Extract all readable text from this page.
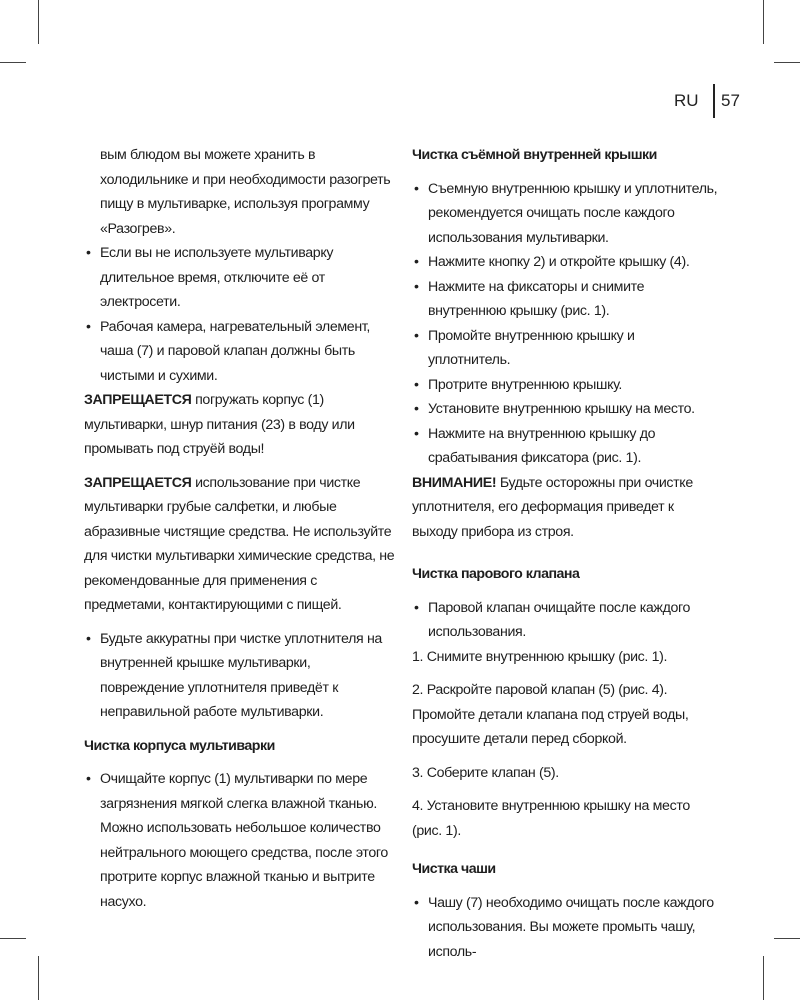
RU 57

вым блюдом вы можете хранить в холодильнике и при необходимости разогреть пищу в мультиварке, используя программу «Разогрев».

• Если вы не используете мультиварку длительное время, отключите её от электросети.

• Рабочая камера, нагревательный элемент, чаша (7) и паровой клапан должны быть чистыми и сухими.

ЗАПРЕЩАЕТСЯ погружать корпус (1) мультиварки, шнур питания (23) в воду или промывать под струёй воды!

ЗАПРЕЩАЕТСЯ использование при чистке мультиварки грубые салфетки, и любые абразивные чистящие средства. Не используйте для чистки мультиварки химические средства, не рекомендованные для применения с предметами, контактирующими с пищей.

• Будьте аккуратны при чистке уплотнителя на внутренней крышке мультиварки, повреждение уплотнителя приведёт к неправильной работе мультиварки.

Чистка корпуса мультиварки

• Очищайте корпус (1) мультиварки по мере загрязнения мягкой слегка влажной тканью. Можно использовать небольшое количество нейтрального моющего средства, после этого протрите корпус влажной тканью и вытрите насухо.

Чистка съёмной внутренней крышки

• Съемную внутреннюю крышку и уплотнитель, рекомендуется очищать после каждого использования мультиварки.

• Нажмите кнопку 2) и откройте крышку (4).

• Нажмите на фиксаторы и снимите внутреннюю крышку (рис. 1).

• Промойте внутреннюю крышку и уплотнитель.

• Протрите внутреннюю крышку.

• Установите внутреннюю крышку на место.

• Нажмите на внутреннюю крышку до срабатывания фиксатора (рис. 1).

ВНИМАНИЕ! Будьте осторожны при очистке уплотнителя, его деформация приведет к выходу прибора из строя.

Чистка парового клапана

• Паровой клапан очищайте после каждого использования.

1. Снимите внутреннюю крышку (рис. 1).

2. Раскройте паровой клапан (5) (рис. 4). Промойте детали клапана под струей воды, просушите детали перед сборкой.

3. Соберите клапан (5).

4. Установите внутреннюю крышку на место (рис. 1).

Чистка чаши

• Чашу (7) необходимо очищать после каждого использования. Вы можете промыть чашу, исполь-
